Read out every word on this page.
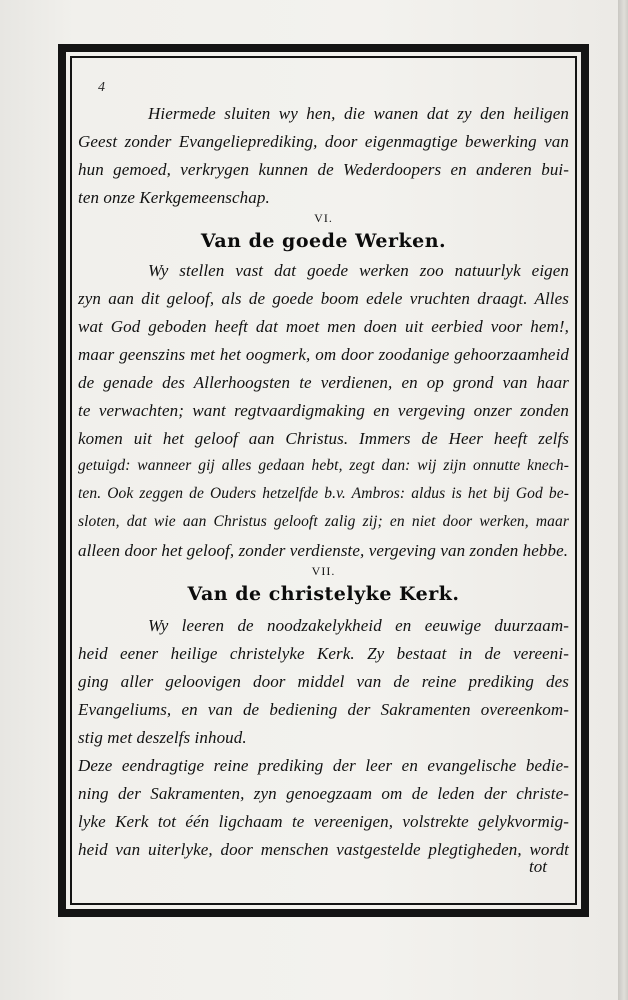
4
Hiermede sluiten wy hen, die wanen dat zy den heiligen
Geest zonder Evangelieprediking, door eigenmagtige bewerking van
hun gemoed, verkrygen kunnen de Wederdoopers en anderen bui-
ten onze Kerkgemeenschap.
VI.
Van de goede Werken.
Wy stellen vast dat goede werken zoo natuurlyk eigen
zyn aan dit geloof, als de goede boom edele vruchten draagt. Alles
wat God geboden heeft dat moet men doen uit eerbied voor hem!,
maar geenszins met het oogmerk, om door zoodanige gehoorzaamheid
de genade des Allerhoogsten te verdienen, en op grond van haar
te verwachten; want regtvaardigmaking en vergeving onzer zonden
komen uit het geloof aan Christus. Immers de Heer heeft zelfs
getuigd: wanneer gij alles gedaan hebt, zegt dan: wij zijn onnutte knech-
ten. Ook zeggen de Ouders hetzelfde b.v. Ambros: aldus is het bij God be-
sloten, dat wie aan Christus gelooft zalig zij; en niet door werken, maar
alleen door het geloof, zonder verdienste, vergeving van zonden hebbe.
VII.
Van de christelyke Kerk.
Wy leeren de noodzakelykheid en eeuwige duurzaam-
heid eener heilige christelyke Kerk. Zy bestaat in de vereeni-
ging aller geloovigen door middel van de reine prediking des
Evangeliums, en van de bediening der Sakramenten overeenkom-
stig met deszelfs inhoud.
Deze eendragtige reine prediking der leer en evangelische bedie-
ning der Sakramenten, zyn genoegzaam om de leden der christe-
lyke Kerk tot één ligchaam te vereenigen, volstrekte gelykvormig-
heid van uiterlyke, door menschen vastgestelde plegtigheden, wordt
tot
